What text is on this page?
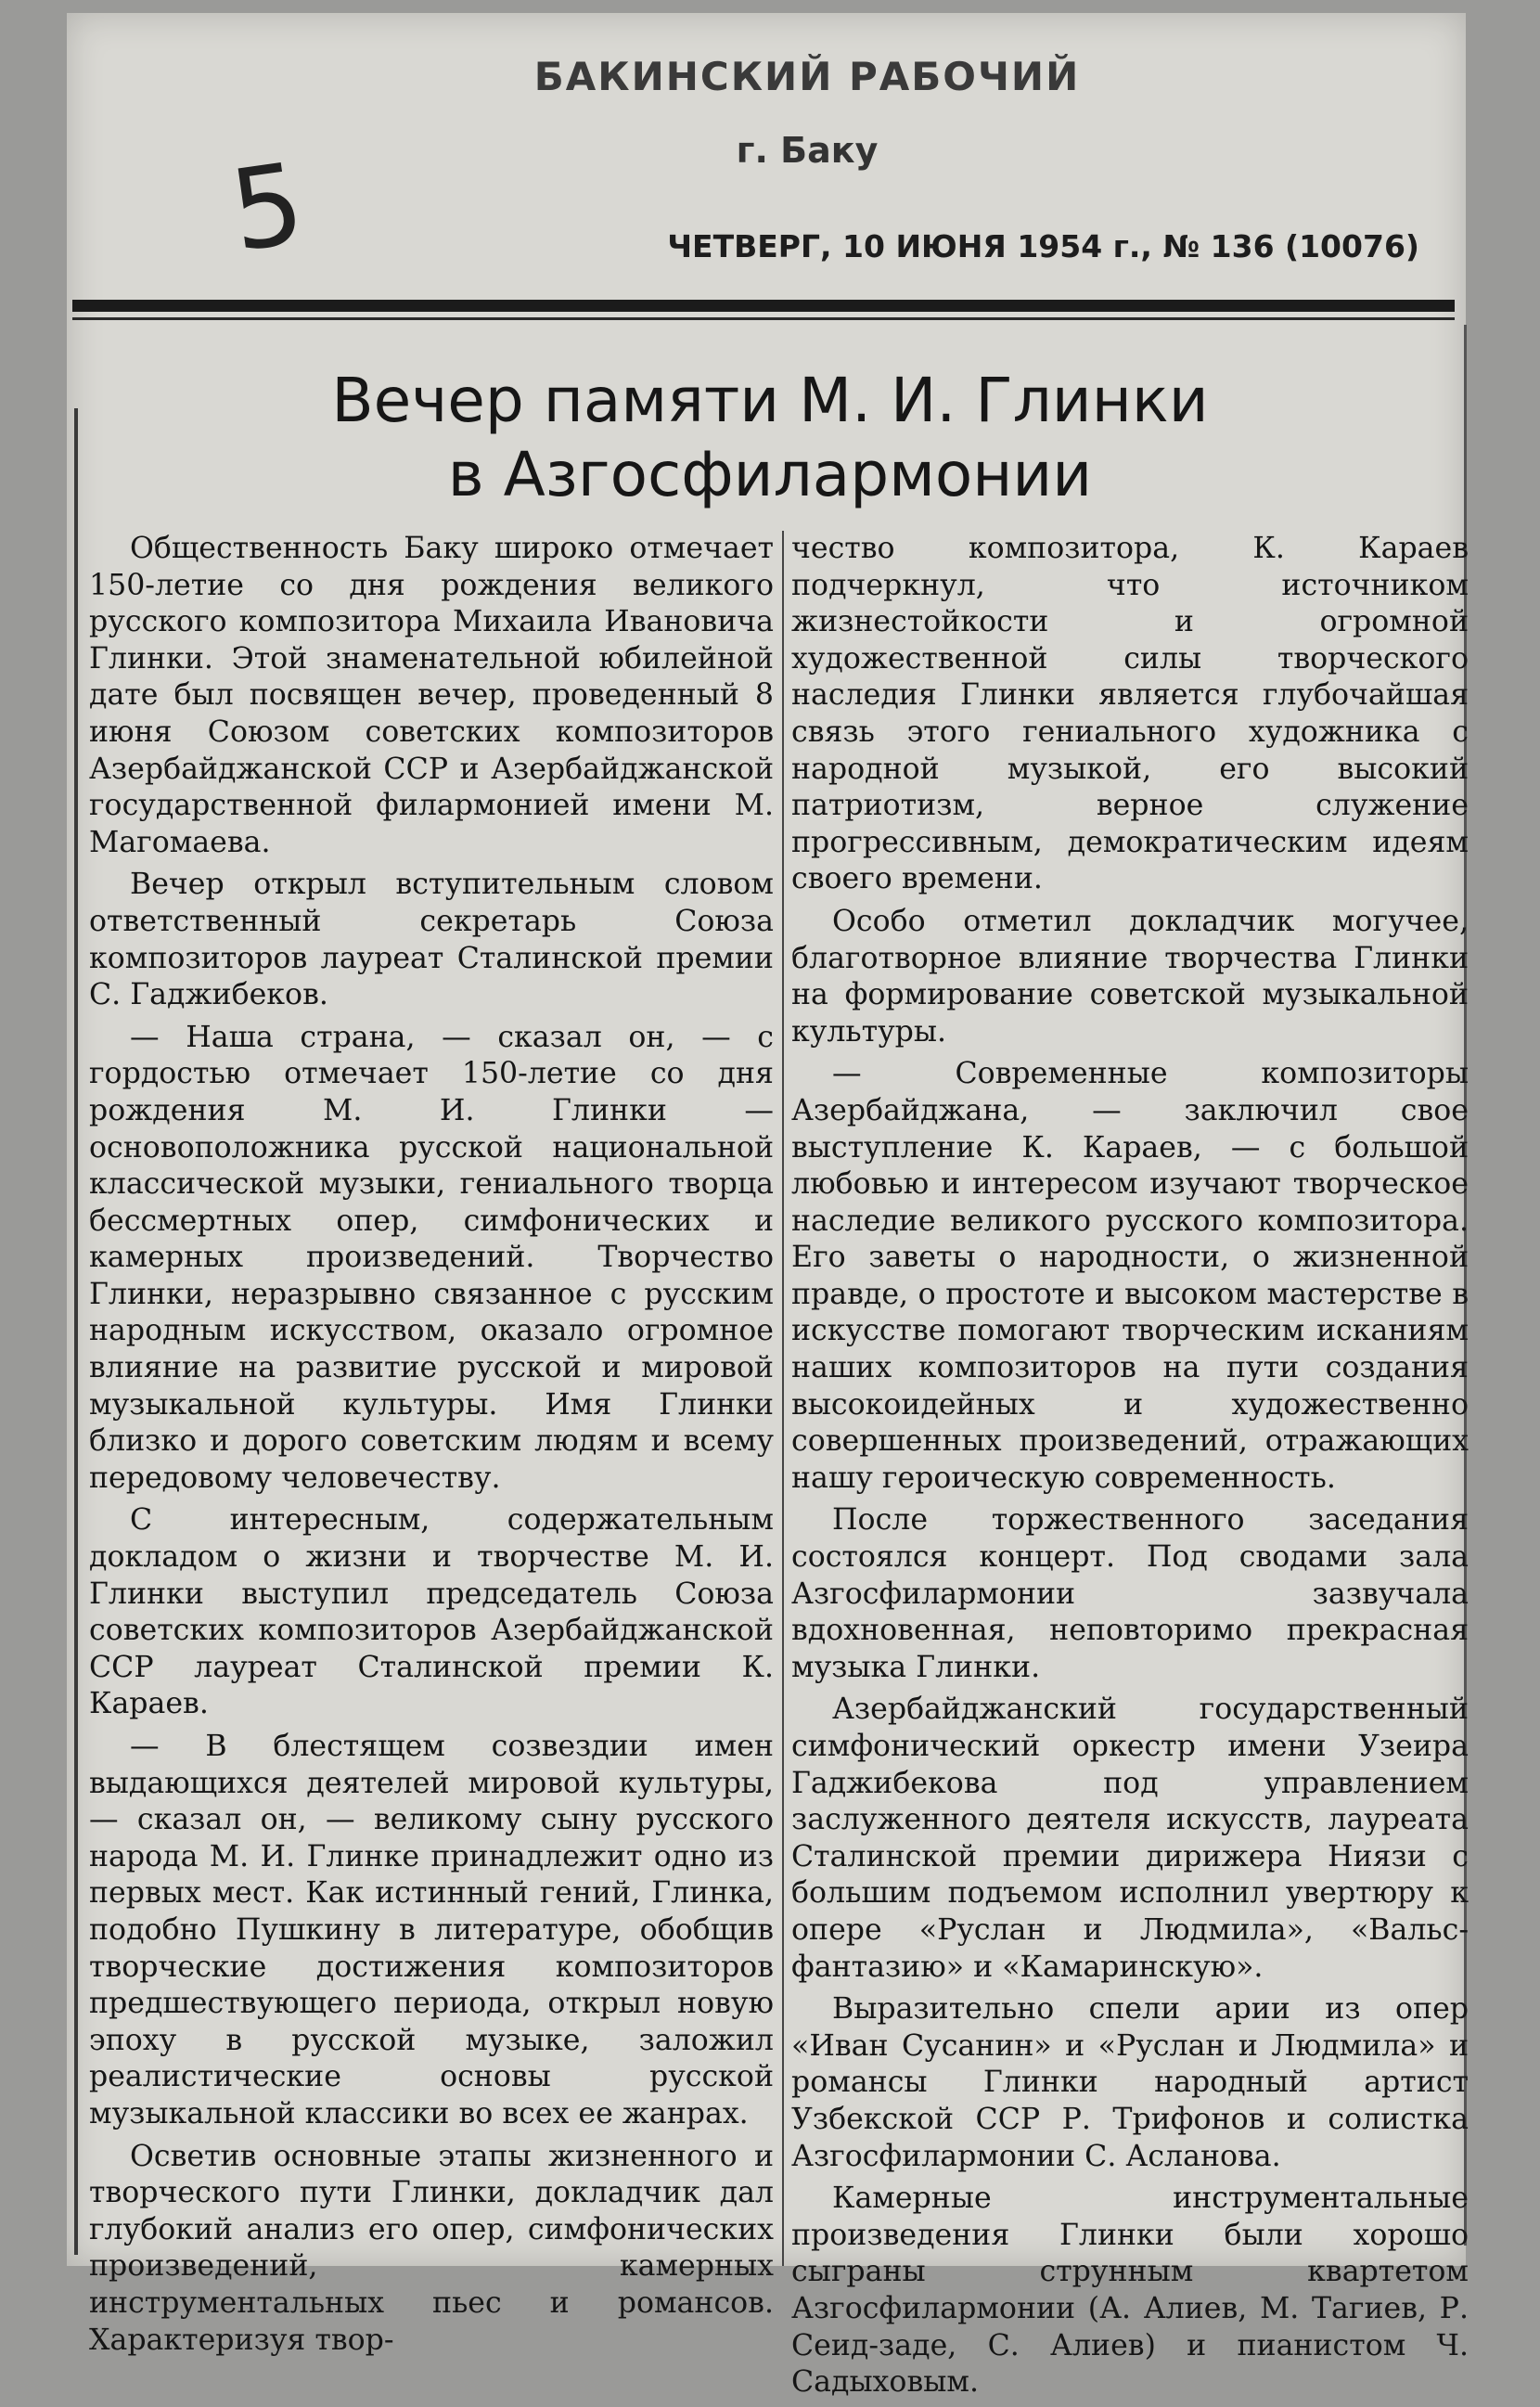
БАКИНСКИЙ РАБОЧИЙ
г. Баку
5	ЧЕТВЕРГ, 10 ИЮНЯ 1954 г., № 136 (10076)
Вечер памяти М. И. Глинки
в Азгосфилармонии

Общественность Баку широко отмечает 150-летие со дня рождения великого русского композитора Михаила Ивановича Глинки. Этой знаменательной юбилейной дате был посвящен вечер, проведенный 8 июня Союзом советских композиторов Азербайджанской ССР и Азербайджанской государственной филармонией имени М. Магомаева.

Вечер открыл вступительным словом ответственный секретарь Союза композиторов лауреат Сталинской премии С. Гаджибеков.

— Наша страна, — сказал он, — с гордостью отмечает 150-летие со дня рождения М. И. Глинки — основоположника русской национальной классической музыки, гениального творца бессмертных опер, симфонических и камерных произведений. Творчество Глинки, неразрывно связанное с русским народным искусством, оказало огромное влияние на развитие русской и мировой музыкальной культуры. Имя Глинки близко и дорого советским людям и всему передовому человечеству.

С интересным, содержательным докладом о жизни и творчестве М. И. Глинки выступил председатель Союза советских композиторов Азербайджанской ССР лауреат Сталинской премии К. Караев.

— В блестящем созвездии имен выдающихся деятелей мировой культуры, — сказал он, — великому сыну русского народа М. И. Глинке принадлежит одно из первых мест. Как истинный гений, Глинка, подобно Пушкину в литературе, обобщив творческие достижения композиторов предшествующего периода, открыл новую эпоху в русской музыке, заложил реалистические основы русской музыкальной классики во всех ее жанрах.

Осветив основные этапы жизненного и творческого пути Глинки, докладчик дал глубокий анализ его опер, симфонических произведений, камерных инструментальных пьес и романсов. Характеризуя твор-

чество композитора, К. Караев подчеркнул, что источником жизнестойкости и огромной художественной силы творческого наследия Глинки является глубочайшая связь этого гениального художника с народной музыкой, его высокий патриотизм, верное служение прогрессивным, демократическим идеям своего времени.

Особо отметил докладчик могучее, благотворное влияние творчества Глинки на формирование советской музыкальной культуры.

— Современные композиторы Азербайджана, — заключил свое выступление К. Караев, — с большой любовью и интересом изучают творческое наследие великого русского композитора. Его заветы о народности, о жизненной правде, о простоте и высоком мастерстве в искусстве помогают творческим исканиям наших композиторов на пути создания высокоидейных и художественно совершенных произведений, отражающих нашу героическую современность.

После торжественного заседания состоялся концерт. Под сводами зала Азгосфилармонии зазвучала вдохновенная, неповторимо прекрасная музыка Глинки.

Азербайджанский государственный симфонический оркестр имени Узеира Гаджибекова под управлением заслуженного деятеля искусств, лауреата Сталинской премии дирижера Ниязи с большим подъемом исполнил увертюру к опере «Руслан и Людмила», «Вальс-фантазию» и «Камаринскую».

Выразительно спели арии из опер «Иван Сусанин» и «Руслан и Людмила» и романсы Глинки народный артист Узбекской ССР Р. Трифонов и солистка Азгосфилармонии С. Асланова.

Камерные инструментальные произведения Глинки были хорошо сыграны струнным квартетом Азгосфилармонии (А. Алиев, М. Тагиев, Р. Сеид-заде, С. Алиев) и пианистом Ч. Садыховым.
